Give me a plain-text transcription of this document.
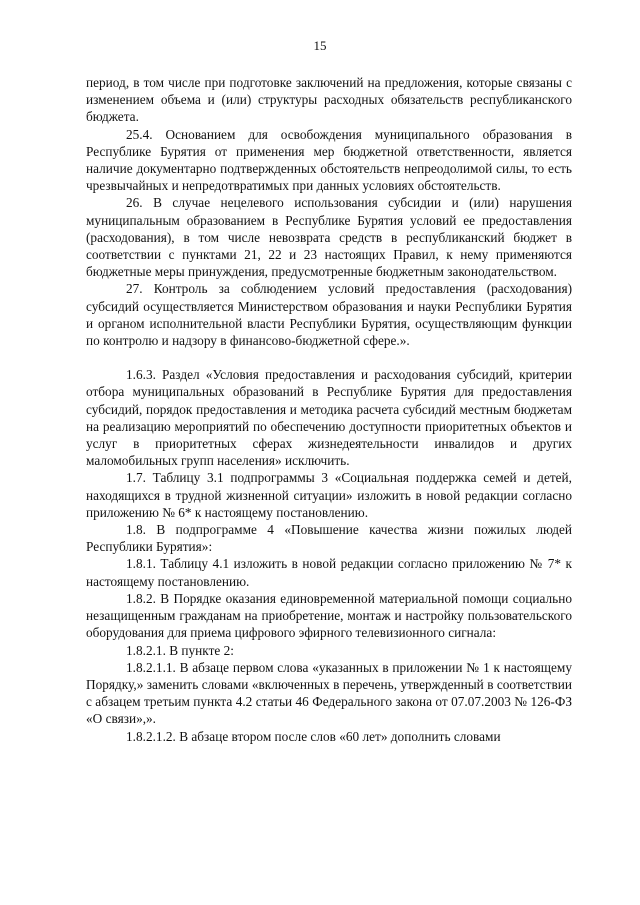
15

период, в том числе при подготовке заключений на предложения, которые связаны с изменением объема и (или) структуры расходных обязательств республиканского бюджета.

25.4. Основанием для освобождения муниципального образования в Республике Бурятия от применения мер бюджетной ответственности, является наличие документарно подтвержденных обстоятельств непреодолимой силы, то есть чрезвычайных и непредотвратимых при данных условиях обстоятельств.

26. В случае нецелевого использования субсидии и (или) нарушения муниципальным образованием в Республике Бурятия условий ее предоставления (расходования), в том числе невозврата средств в республиканский бюджет в соответствии с пунктами 21, 22 и 23 настоящих Правил, к нему применяются бюджетные меры принуждения, предусмотренные бюджетным законодательством.

27. Контроль за соблюдением условий предоставления (расходования) субсидий осуществляется Министерством образования и науки Республики Бурятия и органом исполнительной власти Республики Бурятия, осуществляющим функции по контролю и надзору в финансово-бюджетной сфере.».

1.6.3. Раздел «Условия предоставления и расходования субсидий, критерии отбора муниципальных образований в Республике Бурятия для предоставления субсидий, порядок предоставления и методика расчета субсидий местным бюджетам на реализацию мероприятий по обеспечению доступности приоритетных объектов и услуг в приоритетных сферах жизнедеятельности инвалидов и других маломобильных групп населения» исключить.

1.7. Таблицу 3.1 подпрограммы 3 «Социальная поддержка семей и детей, находящихся в трудной жизненной ситуации» изложить в новой редакции согласно приложению № 6* к настоящему постановлению.

1.8. В подпрограмме 4 «Повышение качества жизни пожилых людей Республики Бурятия»:

1.8.1. Таблицу 4.1 изложить в новой редакции согласно приложению № 7* к настоящему постановлению.

1.8.2. В Порядке оказания единовременной материальной помощи социально незащищенным гражданам на приобретение, монтаж и настройку пользовательского оборудования для приема цифрового эфирного телевизионного сигнала:

1.8.2.1. В пункте 2:

1.8.2.1.1. В абзаце первом слова «указанных в приложении № 1 к настоящему Порядку,» заменить словами «включенных в перечень, утвержденный в соответствии с абзацем третьим пункта 4.2 статьи 46 Федерального закона от 07.07.2003 № 126-ФЗ «О связи»,».

1.8.2.1.2. В абзаце втором после слов «60 лет» дополнить словами
